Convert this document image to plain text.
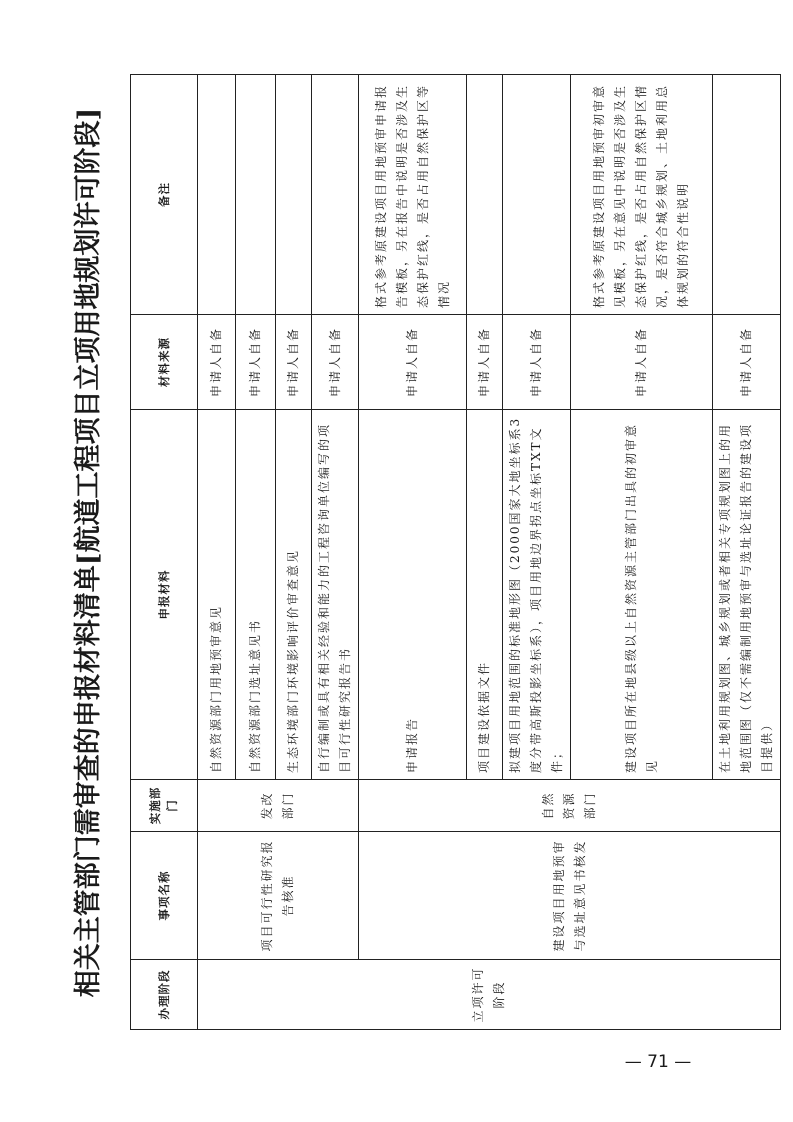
相关主管部门需审查的申报材料清单[航道工程项目立项用地规划许可阶段]	办理阶段	事项名称	实施部门	申报材料	材料来源	备注
立项许可阶段	项目可行性研究报告核准	发改部门	自然资源部门用地预审意见	申请人自备	
			自然资源部门选址意见书	申请人自备	
			生态环境部门环境影响评价审查意见	申请人自备	
			自行编制或具有相关经验和能力的工程咨询单位编写的项目可行性研究报告书	申请人自备	
	建设项目用地预审与选址意见书核发	自然资源部门	申请报告	申请人自备	格式参考原建设项目用地预审申请报告模板，另在报告中说明是否涉及生态保护红线，是否占用自然保护区等情况
			项目建设依据文件	申请人自备	
			拟建项目用地范围的标准地形图（2000国家大地坐标系3度分带高斯投影坐标系），项目用地边界拐点坐标TXT文件；	申请人自备	
			建设项目所在地县级以上自然资源主管部门出具的初审意见	申请人自备	格式参考原建设项目用地预审初审意见模板，另在意见中说明是否涉及生态保护红线，是否占用自然保护区情况，是否符合城乡规划、土地利用总体规划的符合性说明
			在土地利用规划图、城乡规划或者相关专项规划图上的用地范围图（仅不需编制用地预审与选址论证报告的建设项目提供）	申请人自备	
— 71 —
